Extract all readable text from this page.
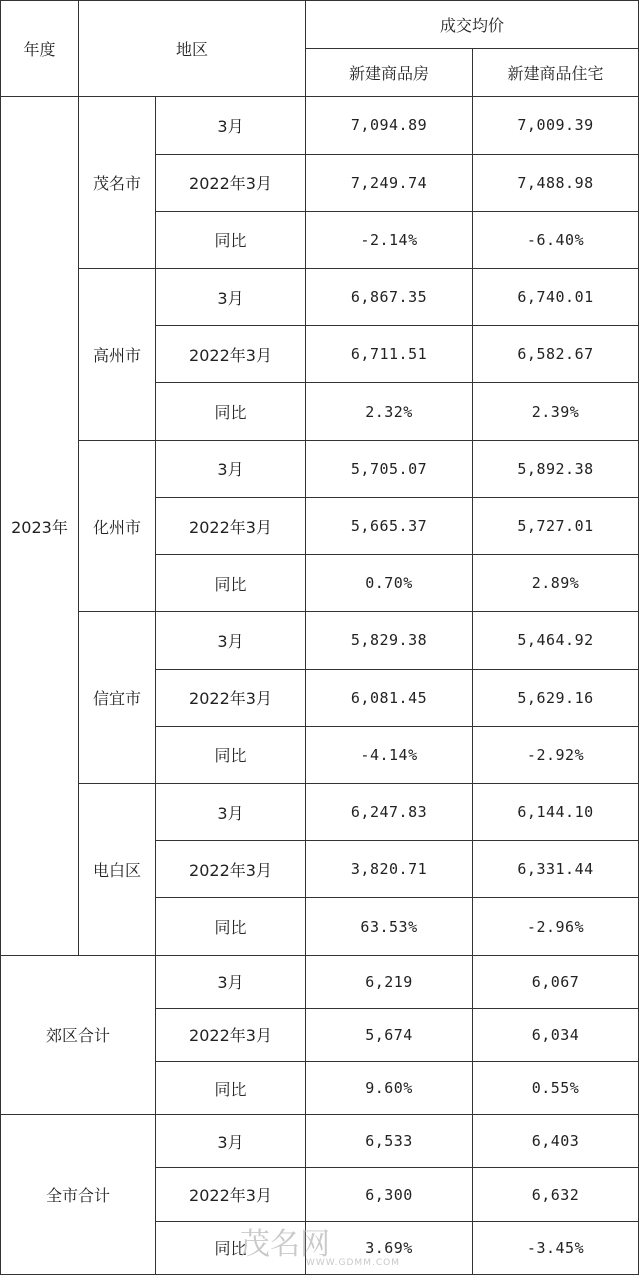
年度	地区		成交均价	
			新建商品房	新建商品住宅
2023年	茂名市	3月	7,094.89	7,009.39
		2022年3月	7,249.74	7,488.98
		同比	-2.14%	-6.40%
	高州市	3月	6,867.35	6,740.01
		2022年3月	6,711.51	6,582.67
		同比	2.32%	2.39%
	化州市	3月	5,705.07	5,892.38
		2022年3月	5,665.37	5,727.01
		同比	0.70%	2.89%
	信宜市	3月	5,829.38	5,464.92
		2022年3月	6,081.45	5,629.16
		同比	-4.14%	-2.92%
	电白区	3月	6,247.83	6,144.10
		2022年3月	3,820.71	6,331.44
		同比	63.53%	-2.96%
郊区合计		3月	6,219	6,067
		2022年3月	5,674	6,034
		同比	9.60%	0.55%
全市合计		3月	6,533	6,403
		2022年3月	6,300	6,632
		同比	3.69%	-3.45%
茂名网
WWW.GDMM.COM
